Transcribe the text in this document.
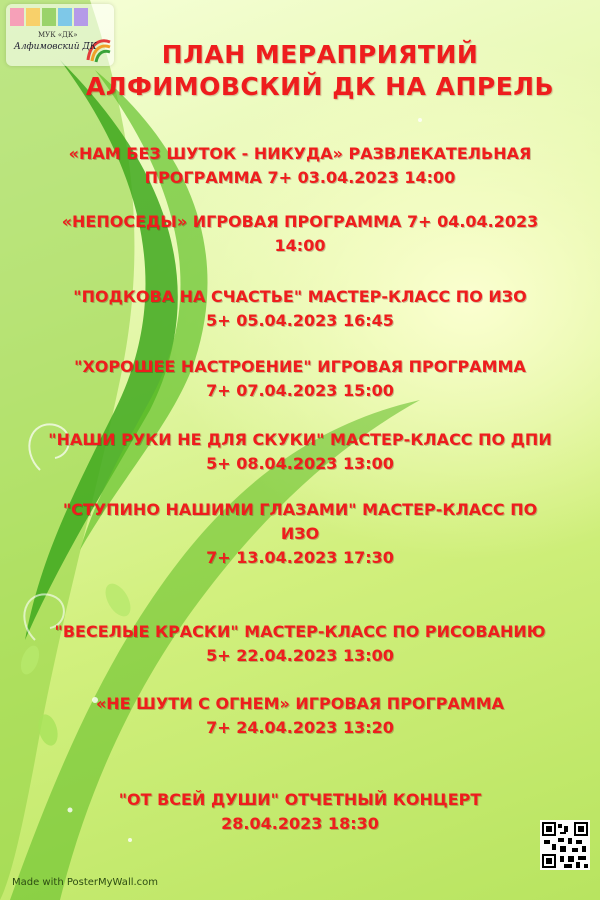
МУК «ДК»
Алфимовский ДК	ПЛАН МЕРАПРИЯТИЙ
АЛФИМОВСКИЙ ДК НА АПРЕЛЬ
«НАМ БЕЗ ШУТОК - НИКУДА» РАЗВЛЕКАТЕЛЬНАЯ
ПРОГРАММА 7+ 03.04.2023 14:00
«НЕПОСЕДЫ» ИГРОВАЯ ПРОГРАММА 7+ 04.04.2023
14:00
"ПОДКОВА НА СЧАСТЬЕ" МАСТЕР-КЛАСС ПО ИЗО
5+ 05.04.2023 16:45
"ХОРОШЕЕ НАСТРОЕНИЕ" ИГРОВАЯ ПРОГРАММА
7+ 07.04.2023 15:00
"НАШИ РУКИ НЕ ДЛЯ СКУКИ" МАСТЕР-КЛАСС ПО ДПИ
5+ 08.04.2023 13:00
"СТУПИНО НАШИМИ ГЛАЗАМИ" МАСТЕР-КЛАСС ПО
ИЗО
7+ 13.04.2023 17:30
"ВЕСЕЛЫЕ КРАСКИ" МАСТЕР-КЛАСС ПО РИСОВАНИЮ
5+ 22.04.2023 13:00
«НЕ ШУТИ С ОГНЕМ» ИГРОВАЯ ПРОГРАММА
7+ 24.04.2023 13:20
"ОТ ВСЕЙ ДУШИ" ОТЧЕТНЫЙ КОНЦЕРТ
28.04.2023 18:30
Made with PosterMyWall.com
